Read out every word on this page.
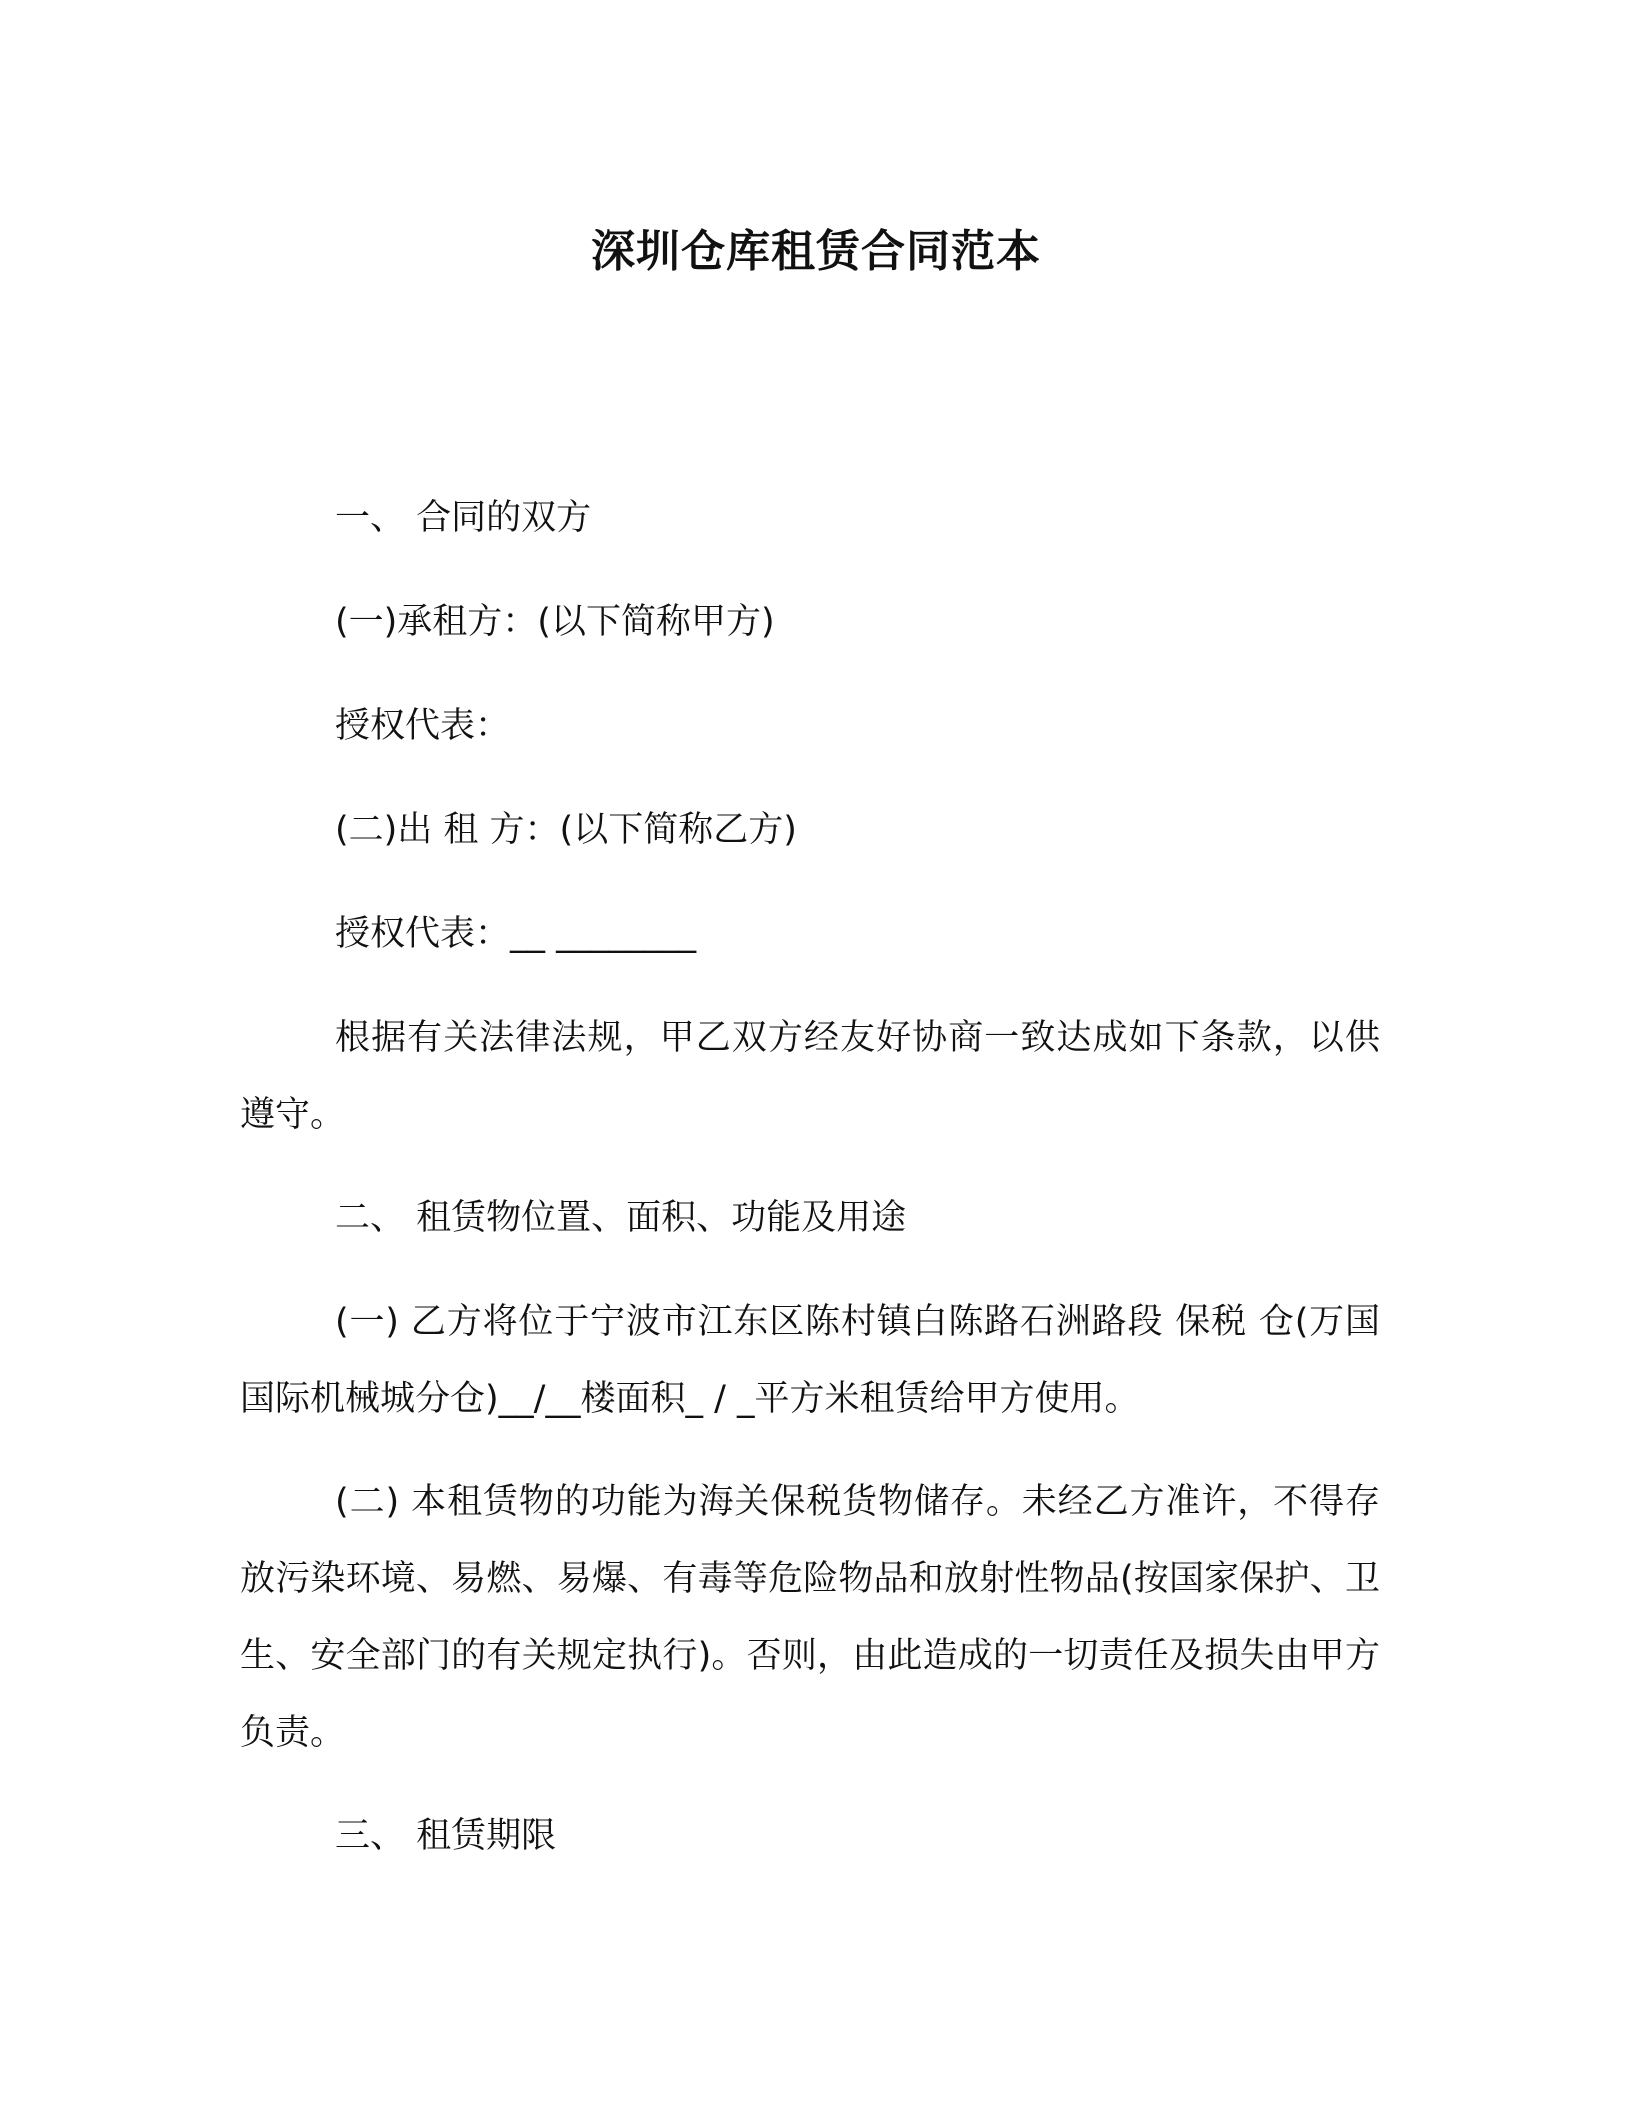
深圳仓库租赁合同范本
一、 合同的双方
(一)承租方：(以下简称甲方)
授权代表：
(二)出 租 方：(以下简称乙方)
授权代表：__ ________
根据有关法律法规，甲乙双方经友好协商一致达成如下条款，以供遵守。
二、 租赁物位置、面积、功能及用途
(一) 乙方将位于宁波市江东区陈村镇白陈路石洲路段 保税 仓(万国国际机械城分仓)__/__楼面积_ / _平方米租赁给甲方使用。
(二) 本租赁物的功能为海关保税货物储存。未经乙方准许，不得存放污染环境、易燃、易爆、有毒等危险物品和放射性物品(按国家保护、卫生、安全部门的有关规定执行)。否则，由此造成的一切责任及损失由甲方负责。
三、 租赁期限
